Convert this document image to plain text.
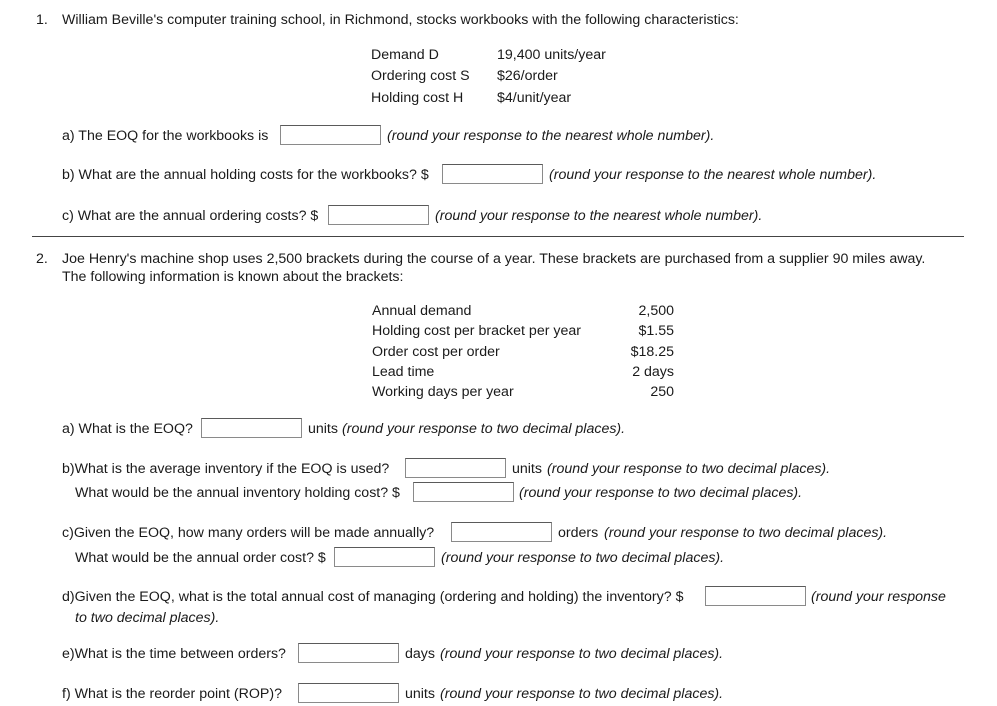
1. William Beville's computer training school, in Richmond, stocks workbooks with the following characteristics:
Demand D	19,400 units/year
Ordering cost S $26/order
Holding cost H $4/unit/year
a) The EOQ for the workbooks is	(round your response to the nearest whole number).
b) What are the annual holding costs for the workbooks? $	(round your response to the nearest whole number).
c) What are the annual ordering costs? $	(round your response to the nearest whole number).
2. Joe Henry's machine shop uses 2,500 brackets during the course of a year. These brackets are purchased from a supplier 90 miles away.
The following information is known about the brackets:
Annual demand	2,500
Holding cost per bracket per year	$1.55
Order cost per order	$18.25
Lead time	2 days
Working days per year	250
a) What is the EOQ?	units (round your response to two decimal places).
b)What is the average inventory if the EOQ is used?	units (round your response to two decimal places).
What would be the annual inventory holding cost? $	(round your response to two decimal places).
c)Given the EOQ, how many orders will be made annually?	orders (round your response to two decimal places).
What would be the annual order cost? $	(round your response to two decimal places).
d)Given the EOQ, what is the total annual cost of managing (ordering and holding) the inventory? $	(round your response
to two decimal places).
e)What is the time between orders?	days (round your response to two decimal places).
f) What is the reorder point (ROP)?	units (round your response to two decimal places).
